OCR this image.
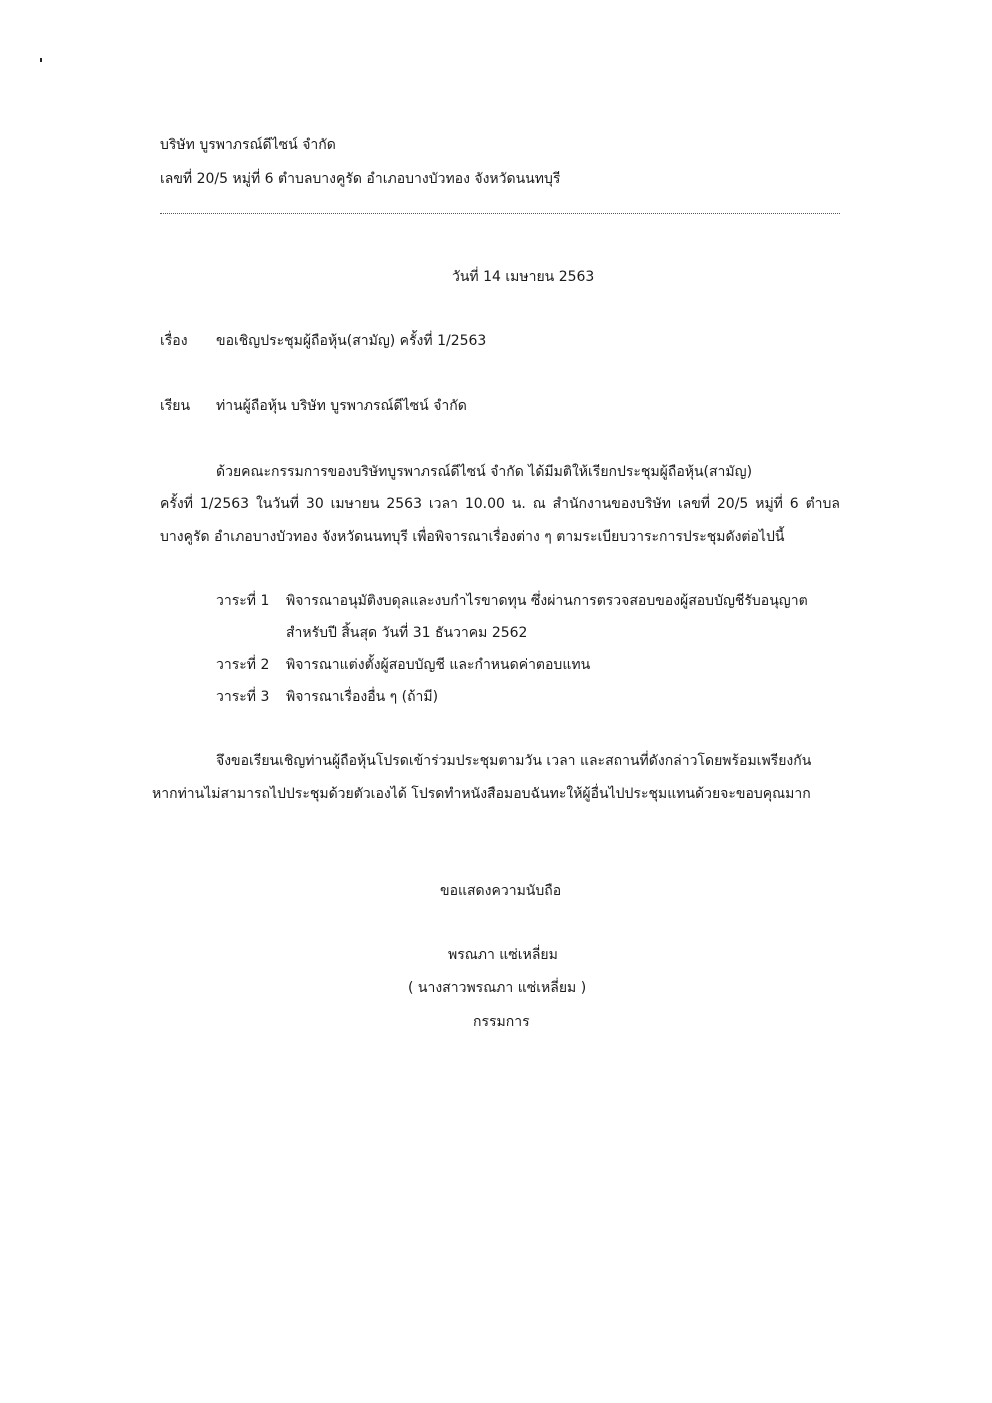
บริษัท บูรพาภรณ์ดีไซน์ จำกัด
เลขที่ 20/5 หมู่ที่ 6 ตำบลบางคูรัด อำเภอบางบัวทอง จังหวัดนนทบุรี
วันที่ 14 เมษายน 2563
เรื่อง ขอเชิญประชุมผู้ถือหุ้น(สามัญ) ครั้งที่ 1/2563
เรียน ท่านผู้ถือหุ้น บริษัท บูรพาภรณ์ดีไซน์ จำกัด
ด้วยคณะกรรมการของบริษัทบูรพาภรณ์ดีไซน์ จำกัด ได้มีมติให้เรียกประชุมผู้ถือหุ้น(สามัญ)
ครั้งที่ 1/2563 ในวันที่ 30 เมษายน 2563 เวลา 10.00 น. ณ สำนักงานของบริษัท เลขที่ 20/5 หมู่ที่ 6 ตำบล
บางคูรัด อำเภอบางบัวทอง จังหวัดนนทบุรี เพื่อพิจารณาเรื่องต่าง ๆ ตามระเบียบวาระการประชุมดังต่อไปนี้
วาระที่ 1 พิจารณาอนุมัติงบดุลและงบกำไรขาดทุน ซึ่งผ่านการตรวจสอบของผู้สอบบัญชีรับอนุญาต
สำหรับปี สิ้นสุด วันที่ 31 ธันวาคม 2562
วาระที่ 2 พิจารณาแต่งตั้งผู้สอบบัญชี และกำหนดค่าตอบแทน
วาระที่ 3 พิจารณาเรื่องอื่น ๆ (ถ้ามี)
จึงขอเรียนเชิญท่านผู้ถือหุ้นโปรดเข้าร่วมประชุมตามวัน เวลา และสถานที่ดังกล่าวโดยพร้อมเพรียงกัน
หากท่านไม่สามารถไปประชุมด้วยตัวเองได้ โปรดทำหนังสือมอบฉันทะให้ผู้อื่นไปประชุมแทนด้วยจะขอบคุณมาก
ขอแสดงความนับถือ
พรณภา แซ่เหลี่ยม
( นางสาวพรณภา แซ่เหลี่ยม )
กรรมการ
